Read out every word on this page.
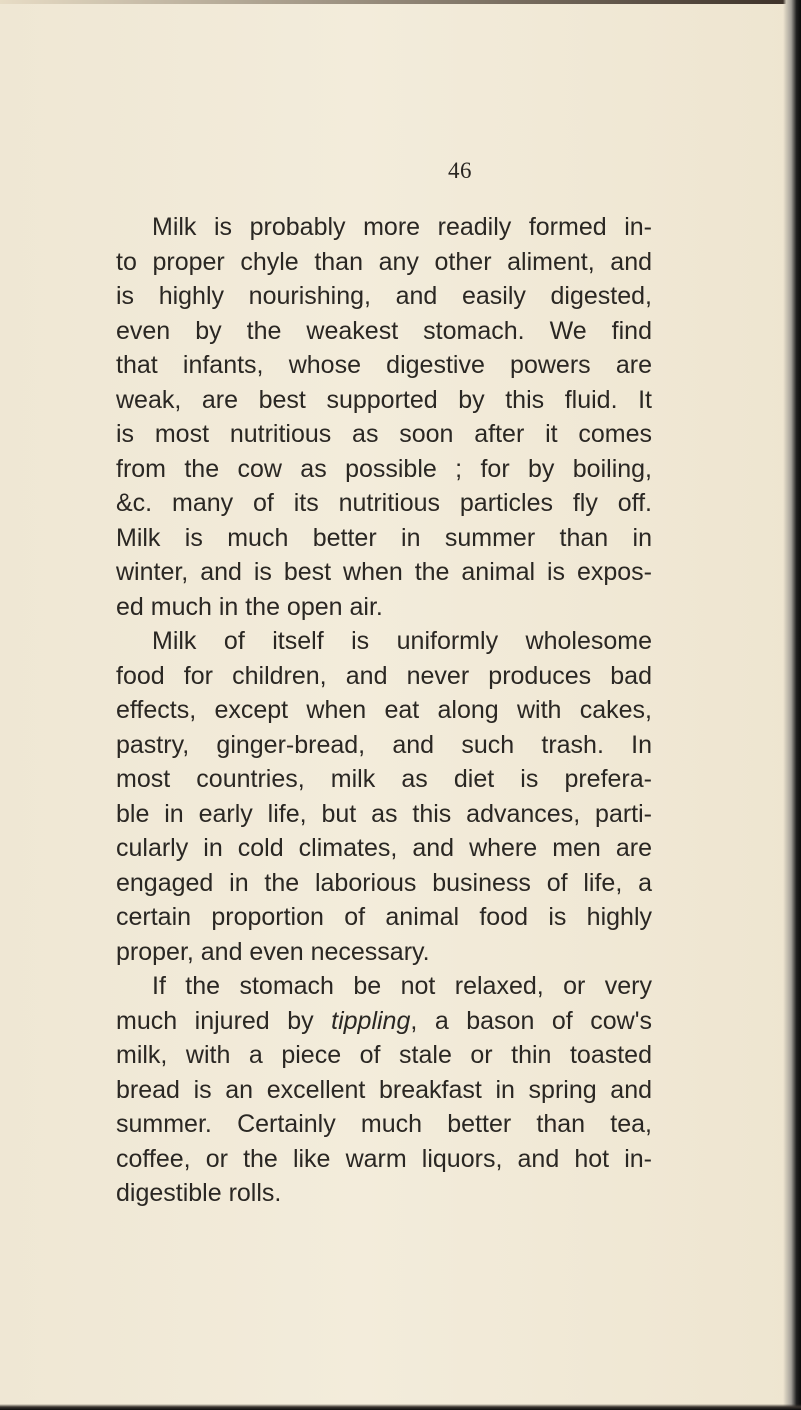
46
Milk is probably more readily formed in-
to proper chyle than any other aliment, and
is highly nourishing, and easily digested,
even by the weakest stomach. We find
that infants, whose digestive powers are
weak, are best supported by this fluid. It
is most nutritious as soon after it comes
from the cow as possible ; for by boiling,
&c. many of its nutritious particles fly off.
Milk is much better in summer than in
winter, and is best when the animal is expos-
ed much in the open air.
Milk of itself is uniformly wholesome
food for children, and never produces bad
effects, except when eat along with cakes,
pastry, ginger-bread, and such trash. In
most countries, milk as diet is prefera-
ble in early life, but as this advances, parti-
cularly in cold climates, and where men are
engaged in the laborious business of life, a
certain proportion of animal food is highly
proper, and even necessary.
If the stomach be not relaxed, or very
much injured by tippling, a bason of cow's
milk, with a piece of stale or thin toasted
bread is an excellent breakfast in spring and
summer. Certainly much better than tea,
coffee, or the like warm liquors, and hot in-
digestible rolls.
